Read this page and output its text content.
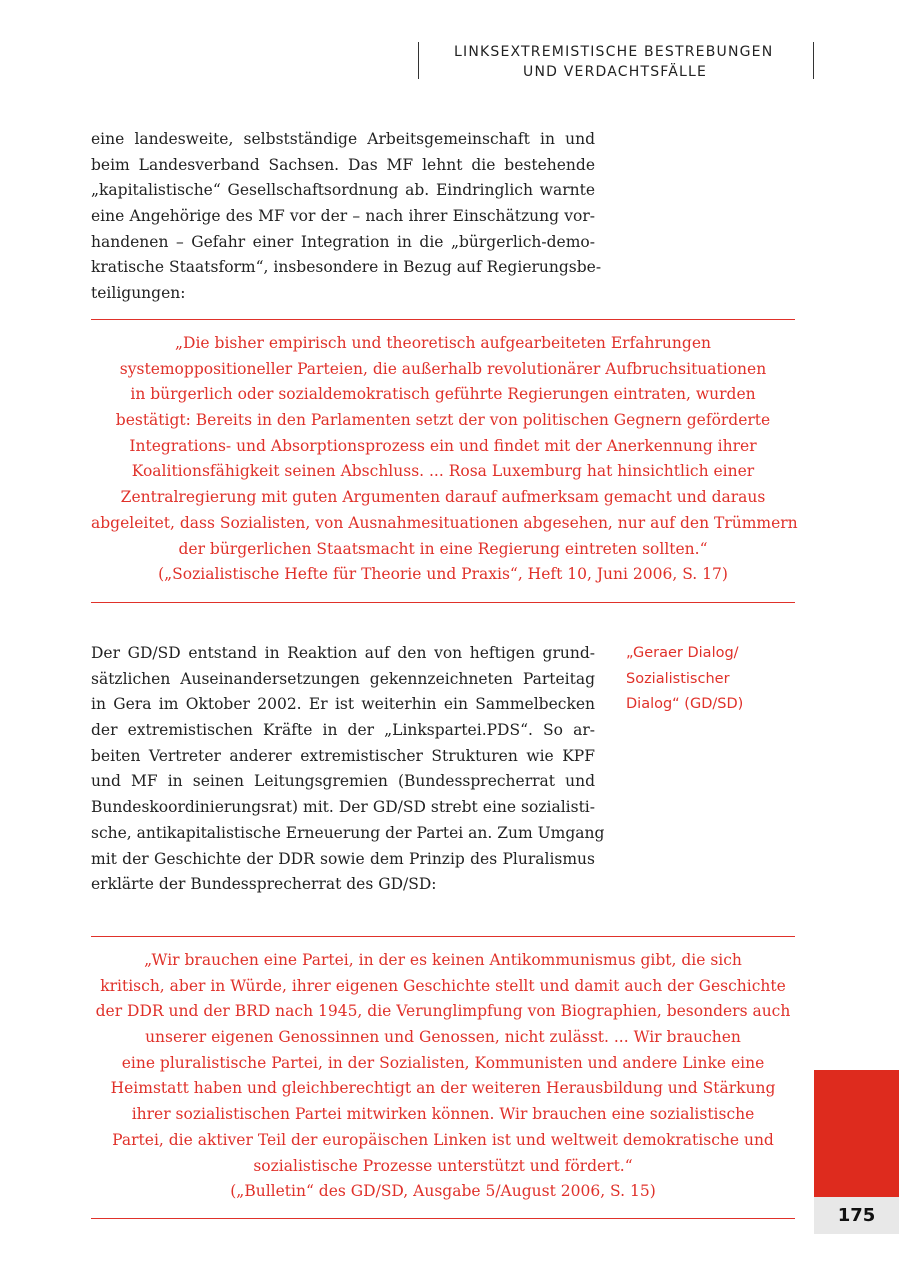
LINKSEXTREMISTISCHE BESTREBUNGEN
UND VERDACHTSFÄLLE
eine landesweite, selbstständige Arbeitsgemeinschaft in und
beim Landesverband Sachsen. Das MF lehnt die bestehende
„kapitalistische“ Gesellschaftsordnung ab. Eindringlich warnte
eine Angehörige des MF vor der – nach ihrer Einschätzung vor-
handenen – Gefahr einer Integration in die „bürgerlich-demo-
kratische Staatsform“, insbesondere in Bezug auf Regierungsbe-
teiligungen:
„Die bisher empirisch und theoretisch aufgearbeiteten Erfahrungen
systemoppositioneller Parteien, die außerhalb revolutionärer Aufbruchsituationen
in bürgerlich oder sozialdemokratisch geführte Regierungen eintraten, wurden
bestätigt: Bereits in den Parlamenten setzt der von politischen Gegnern geförderte
Integrations- und Absorptionsprozess ein und findet mit der Anerkennung ihrer
Koalitionsfähigkeit seinen Abschluss. ... Rosa Luxemburg hat hinsichtlich einer
Zentralregierung mit guten Argumenten darauf aufmerksam gemacht und daraus
abgeleitet, dass Sozialisten, von Ausnahmesituationen abgesehen, nur auf den Trümmern
der bürgerlichen Staatsmacht in eine Regierung eintreten sollten.“
(„Sozialistische Hefte für Theorie und Praxis“, Heft 10, Juni 2006, S. 17)
Der GD/SD entstand in Reaktion auf den von heftigen grund-
sätzlichen Auseinandersetzungen gekennzeichneten Parteitag
in Gera im Oktober 2002. Er ist weiterhin ein Sammelbecken
der extremistischen Kräfte in der „Linkspartei.PDS“. So ar-
beiten Vertreter anderer extremistischer Strukturen wie KPF
und MF in seinen Leitungsgremien (Bundessprecherrat und
Bundeskoordinierungsrat) mit. Der GD/SD strebt eine sozialisti-
sche, antikapitalistische Erneuerung der Partei an. Zum Umgang
mit der Geschichte der DDR sowie dem Prinzip des Pluralismus
erklärte der Bundessprecherrat des GD/SD:
„Geraer Dialog/
Sozialistischer
Dialog“ (GD/SD)
„Wir brauchen eine Partei, in der es keinen Antikommunismus gibt, die sich
kritisch, aber in Würde, ihrer eigenen Geschichte stellt und damit auch der Geschichte
der DDR und der BRD nach 1945, die Verunglimpfung von Biographien, besonders auch
unserer eigenen Genossinnen und Genossen, nicht zulässt. ... Wir brauchen
eine pluralistische Partei, in der Sozialisten, Kommunisten und andere Linke eine
Heimstatt haben und gleichberechtigt an der weiteren Herausbildung und Stärkung
ihrer sozialistischen Partei mitwirken können. Wir brauchen eine sozialistische
Partei, die aktiver Teil der europäischen Linken ist und weltweit demokratische und
sozialistische Prozesse unterstützt und fördert.“
(„Bulletin“ des GD/SD, Ausgabe 5/August 2006, S. 15)
175
